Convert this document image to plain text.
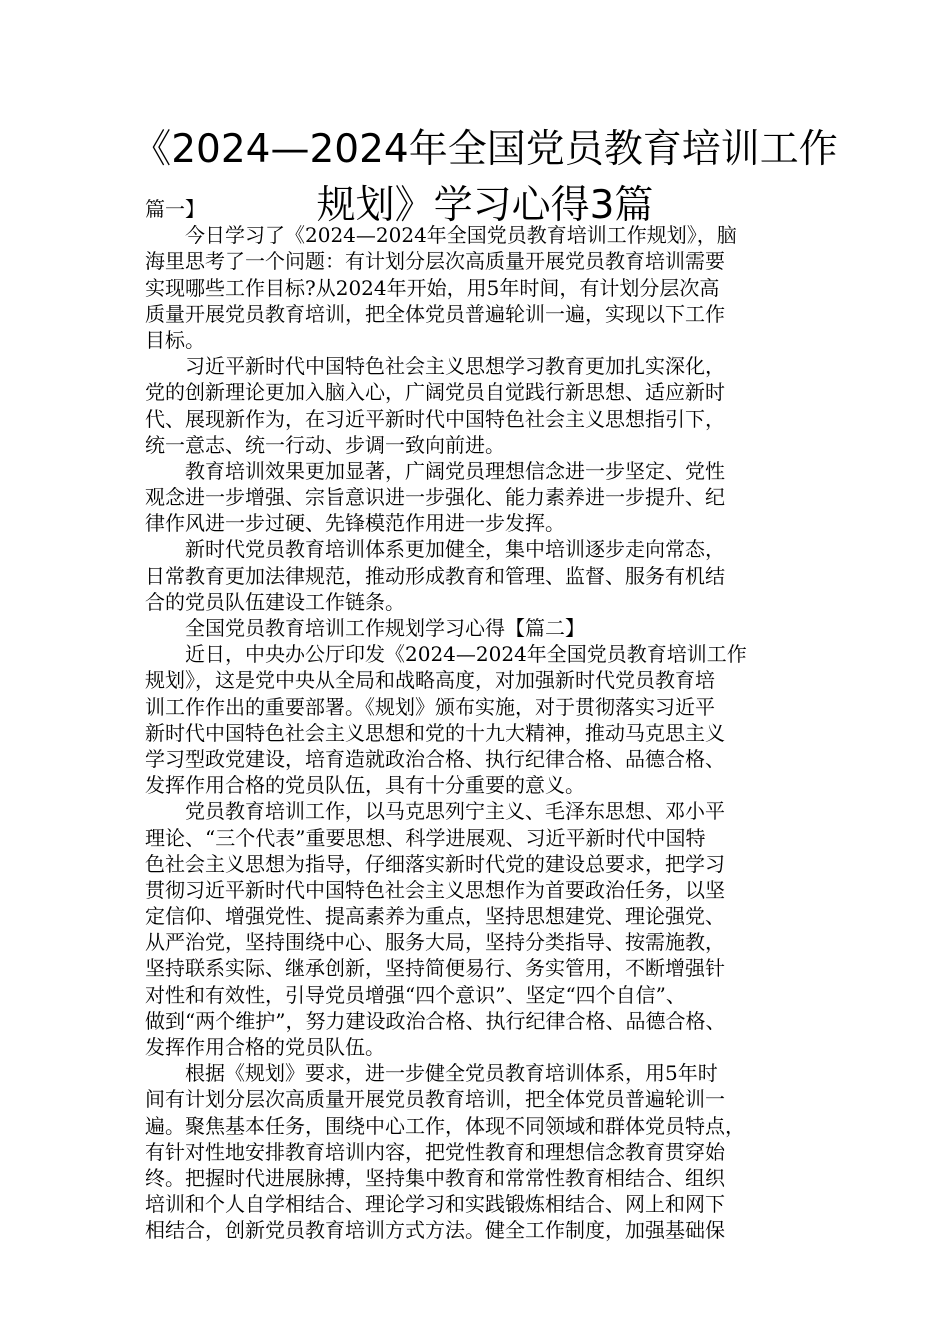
《2024—2024年全国党员教育培训工作
规划》学习心得3篇
篇一】
　　今日学习了《2024—2024年全国党员教育培训工作规划》，脑
海里思考了一个问题：有计划分层次高质量开展党员教育培训需要
实现哪些工作目标?从2024年开始，用5年时间，有计划分层次高
质量开展党员教育培训，把全体党员普遍轮训一遍，实现以下工作
目标。
　　习近平新时代中国特色社会主义思想学习教育更加扎实深化，
党的创新理论更加入脑入心，广阔党员自觉践行新思想、适应新时
代、展现新作为，在习近平新时代中国特色社会主义思想指引下，
统一意志、统一行动、步调一致向前进。
　　教育培训效果更加显著，广阔党员理想信念进一步坚定、党性
观念进一步增强、宗旨意识进一步强化、能力素养进一步提升、纪
律作风进一步过硬、先锋模范作用进一步发挥。
　　新时代党员教育培训体系更加健全，集中培训逐步走向常态，
日常教育更加法律规范，推动形成教育和管理、监督、服务有机结
合的党员队伍建设工作链条。
　　全国党员教育培训工作规划学习心得【篇二】
　　近日，中央办公厅印发《2024—2024年全国党员教育培训工作
规划》，这是党中央从全局和战略高度，对加强新时代党员教育培
训工作作出的重要部署。《规划》颁布实施，对于贯彻落实习近平
新时代中国特色社会主义思想和党的十九大精神，推动马克思主义
学习型政党建设，培育造就政治合格、执行纪律合格、品德合格、
发挥作用合格的党员队伍，具有十分重要的意义。
　　党员教育培训工作，以马克思列宁主义、毛泽东思想、邓小平
理论、“三个代表”重要思想、科学进展观、习近平新时代中国特
色社会主义思想为指导，仔细落实新时代党的建设总要求，把学习
贯彻习近平新时代中国特色社会主义思想作为首要政治任务，以坚
定信仰、增强党性、提高素养为重点，坚持思想建党、理论强党、
从严治党，坚持围绕中心、服务大局，坚持分类指导、按需施教，
坚持联系实际、继承创新，坚持简便易行、务实管用，不断增强针
对性和有效性，引导党员增强“四个意识”、坚定“四个自信”、
做到“两个维护”，努力建设政治合格、执行纪律合格、品德合格、
发挥作用合格的党员队伍。
　　根据《规划》要求，进一步健全党员教育培训体系，用5年时
间有计划分层次高质量开展党员教育培训，把全体党员普遍轮训一
遍。聚焦基本任务，围绕中心工作，体现不同领域和群体党员特点，
有针对性地安排教育培训内容，把党性教育和理想信念教育贯穿始
终。把握时代进展脉搏，坚持集中教育和常常性教育相结合、组织
培训和个人自学相结合、理论学习和实践锻炼相结合、网上和网下
相结合，创新党员教育培训方式方法。健全工作制度，加强基础保
